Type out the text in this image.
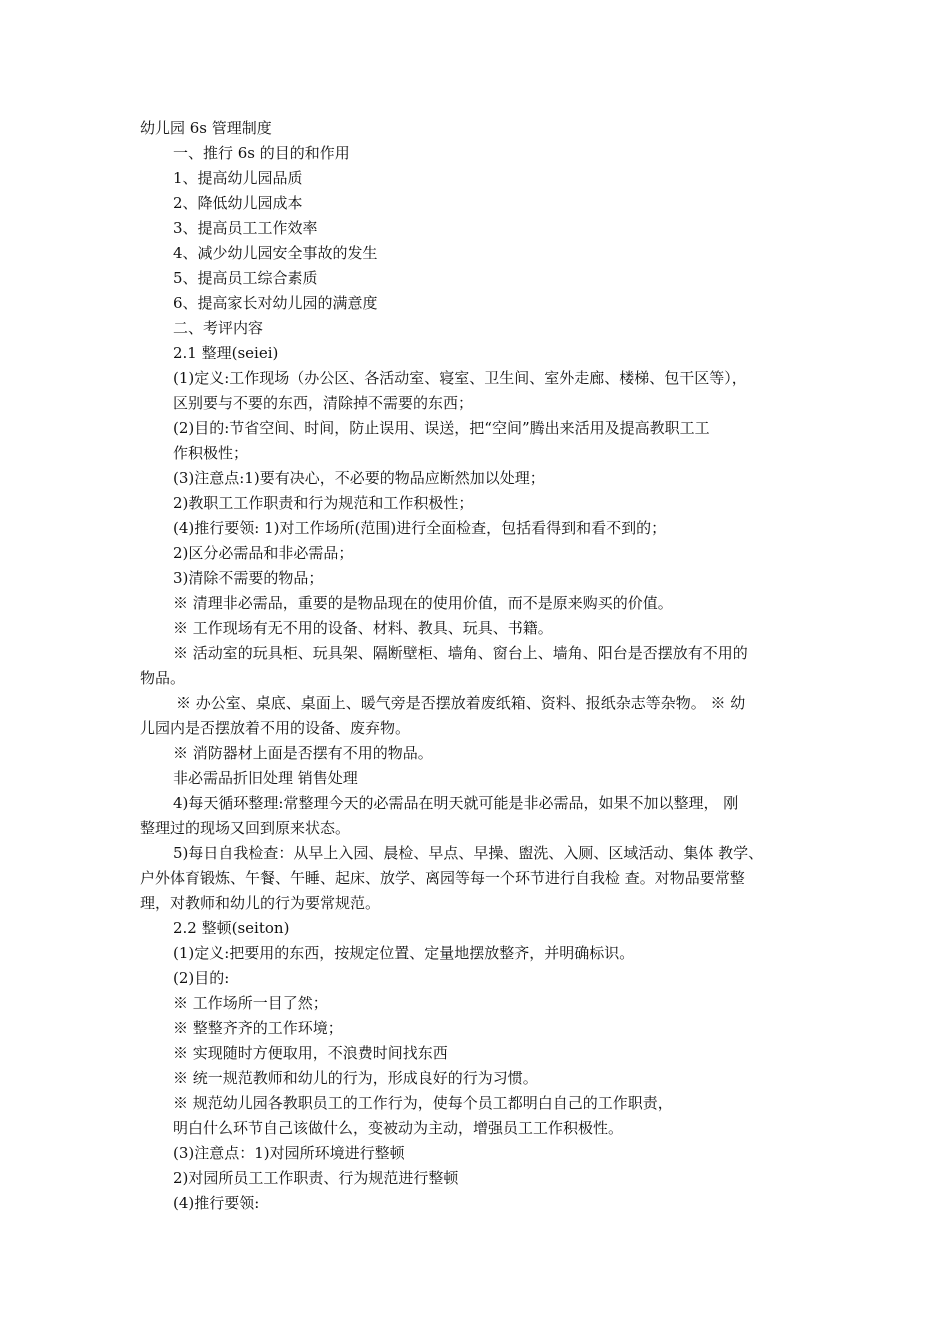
幼儿园 6s 管理制度
一、推行 6s 的目的和作用
1、提高幼儿园品质
2、降低幼儿园成本
3、提高员工工作效率
4、减少幼儿园安全事故的发生
5、提高员工综合素质
6、提高家长对幼儿园的满意度
二、考评内容
2.1 整理(seiei)
(1)定义:工作现场（办公区、各活动室、寝室、卫生间、室外走廊、楼梯、包干区等），
区别要与不要的东西，清除掉不需要的东西；
(2)目的:节省空间、时间，防止误用、误送，把“空间”腾出来活用及提高教职工工
作积极性；
(3)注意点:1)要有决心，不必要的物品应断然加以处理；
2)教职工工作职责和行为规范和工作积极性；
(4)推行要领: 1)对工作场所(范围)进行全面检查，包括看得到和看不到的；
2)区分必需品和非必需品；
3)清除不需要的物品；
※ 清理非必需品，重要的是物品现在的使用价值，而不是原来购买的价值。
※ 工作现场有无不用的设备、材料、教具、玩具、书籍。
※ 活动室的玩具柜、玩具架、隔断壁柜、墙角、窗台上、墙角、阳台是否摆放有不用的
物品。
※ 办公室、桌底、桌面上、暖气旁是否摆放着废纸箱、资料、报纸杂志等杂物。 ※ 幼
儿园内是否摆放着不用的设备、废弃物。
※ 消防器材上面是否摆有不用的物品。
非必需品折旧处理 销售处理
4)每天循环整理:常整理今天的必需品在明天就可能是非必需品，如果不加以整理， 刚
整理过的现场又回到原来状态。
5)每日自我检查：从早上入园、晨检、早点、早操、盥洗、入厕、区域活动、集体 教学、
户外体育锻炼、午餐、午睡、起床、放学、离园等每一个环节进行自我检 查。对物品要常整
理，对教师和幼儿的行为要常规范。
2.2 整顿(seiton)
(1)定义:把要用的东西，按规定位置、定量地摆放整齐，并明确标识。
(2)目的:
※ 工作场所一目了然；
※ 整整齐齐的工作环境；
※ 实现随时方便取用，不浪费时间找东西
※ 统一规范教师和幼儿的行为，形成良好的行为习惯。
※ 规范幼儿园各教职员工的工作行为，使每个员工都明白自己的工作职责，
明白什么环节自己该做什么，变被动为主动，增强员工工作积极性。
(3)注意点：1)对园所环境进行整顿
2)对园所员工工作职责、行为规范进行整顿
(4)推行要领:
